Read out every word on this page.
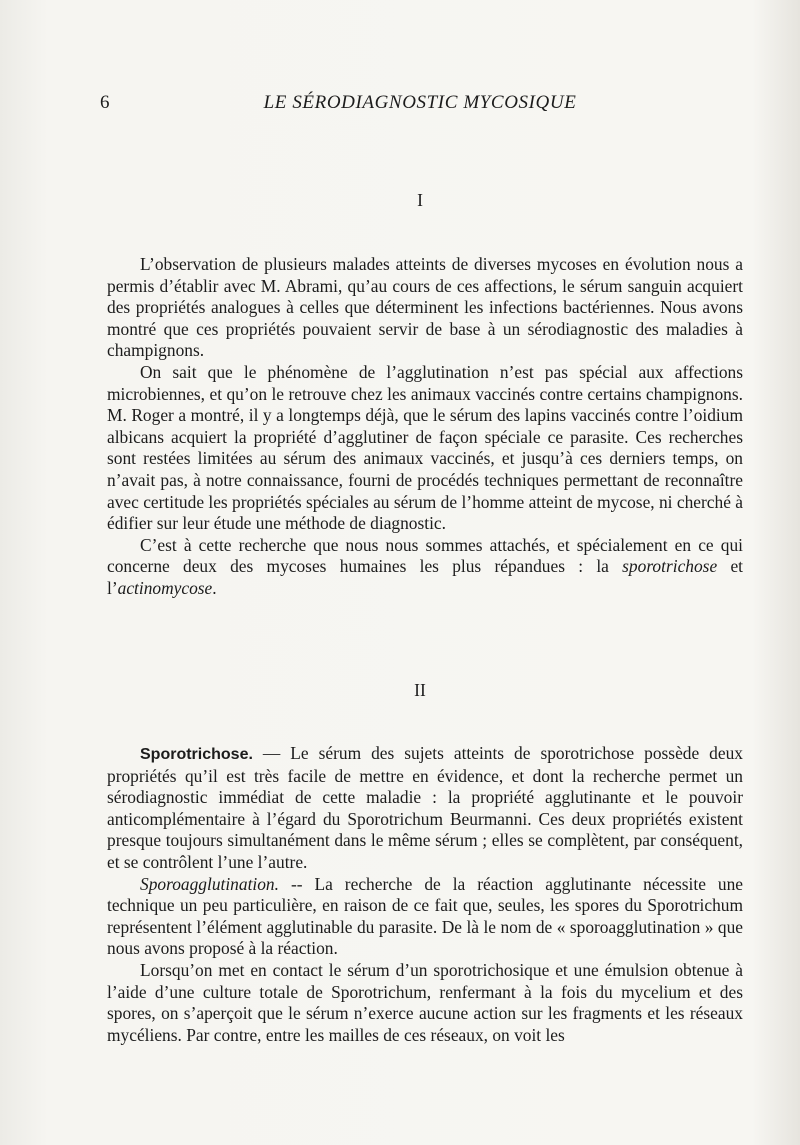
6	LE SÉRODIAGNOSTIC MYCOSIQUE
I

L’observation de plusieurs malades atteints de diverses mycoses en évolution nous a permis d’établir avec M. Abrami, qu’au cours de ces affections, le sérum sanguin acquiert des propriétés analogues à celles que déterminent les infections bactériennes. Nous avons montré que ces propriétés pouvaient servir de base à un sérodiagnostic des maladies à champignons.

On sait que le phénomène de l’agglutination n’est pas spécial aux affections microbiennes, et qu’on le retrouve chez les animaux vaccinés contre certains champignons. M. Roger a montré, il y a longtemps déjà, que le sérum des lapins vaccinés contre l’oidium albicans acquiert la propriété d’agglutiner de façon spéciale ce parasite. Ces recherches sont restées limitées au sérum des animaux vaccinés, et jusqu’à ces derniers temps, on n’avait pas, à notre connaissance, fourni de procédés techniques permettant de reconnaître avec certitude les propriétés spéciales au sérum de l’homme atteint de mycose, ni cherché à édifier sur leur étude une méthode de diagnostic.

C’est à cette recherche que nous nous sommes attachés, et spécialement en ce qui concerne deux des mycoses humaines les plus répandues : la sporotrichose et l’actinomycose.

II

Sporotrichose. — Le sérum des sujets atteints de sporotrichose possède deux propriétés qu’il est très facile de mettre en évidence, et dont la recherche permet un sérodiagnostic immédiat de cette maladie : la propriété agglutinante et le pouvoir anticomplémentaire à l’égard du Sporotrichum Beurmanni. Ces deux propriétés existent presque toujours simultanément dans le même sérum ; elles se complètent, par conséquent, et se contrôlent l’une l’autre.

Sporoagglutination. -- La recherche de la réaction agglutinante nécessite une technique un peu particulière, en raison de ce fait que, seules, les spores du Sporotrichum représentent l’élément agglutinable du parasite. De là le nom de « sporoagglutination » que nous avons proposé à la réaction.

Lorsqu’on met en contact le sérum d’un sporotrichosique et une émulsion obtenue à l’aide d’une culture totale de Sporotrichum, renfermant à la fois du mycelium et des spores, on s’aperçoit que le sérum n’exerce aucune action sur les fragments et les réseaux mycéliens. Par contre, entre les mailles de ces réseaux, on voit les
